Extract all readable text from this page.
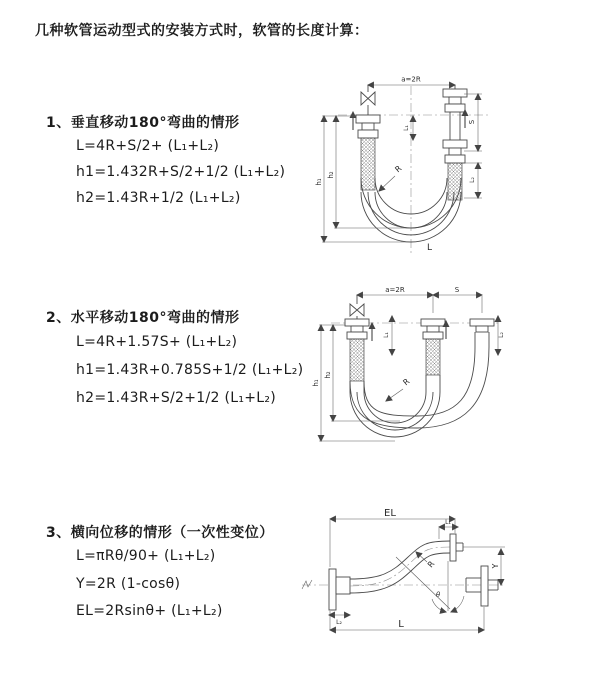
几种软管运动型式的安装方式时，软管的长度计算：
1、垂直移动180°弯曲的情形
L=4R+S/2+ (L₁+L₂)
h1=1.432R+S/2+1/2 (L₁+L₂)
h2=1.43R+1/2 (L₁+L₂)
2、水平移动180°弯曲的情形
L=4R+1.57S+ (L₁+L₂)
h1=1.43R+0.785S+1/2 (L₁+L₂)
h2=1.43R+S/2+1/2 (L₁+L₂)
3、横向位移的情形（一次性变位）
L=πRθ/90+ (L₁+L₂)
Y=2R (1-cosθ)
EL=2Rsinθ+ (L₁+L₂)
a=2R
h₁
h₂
L₁
S
L₂
R
L
a=2R	S
L₁	L₂
h₁
h₂
R
EL
L₁
Y
θ
R
L
L₂
